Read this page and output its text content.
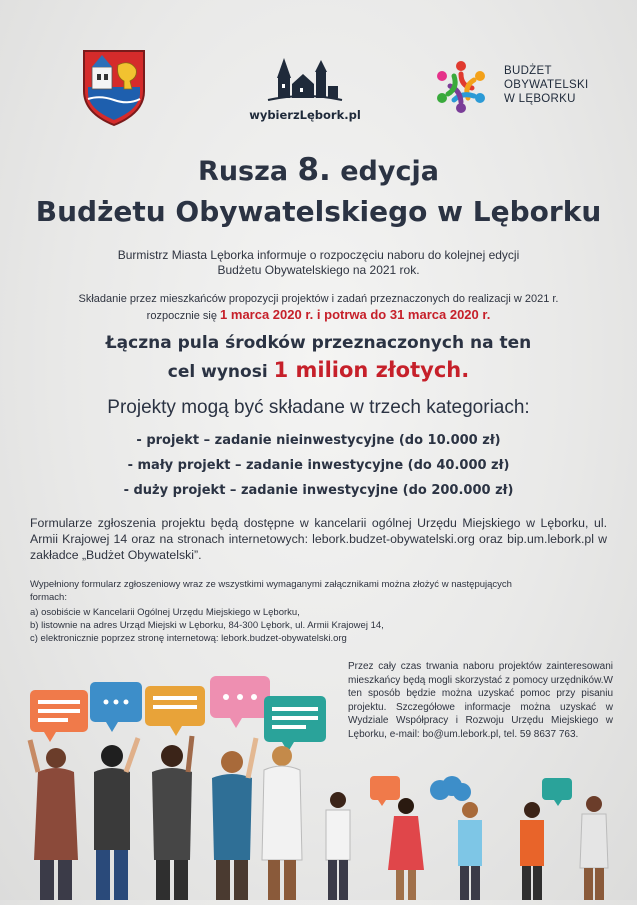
wybierzLębork.pl
BUDŻET
OBYWATELSKI
W LĘBORKU
Rusza 8. edycja
Budżetu Obywatelskiego w Lęborku
Burmistrz Miasta Lęborka informuje o rozpoczęciu naboru do kolejnej edycji
Budżetu Obywatelskiego na 2021 rok.
Składanie przez mieszkańców propozycji projektów i zadań przeznaczonych do realizacji w 2021 r.
rozpocznie się 1 marca 2020 r. i potrwa do 31 marca 2020 r.
Łączna pula środków przeznaczonych na ten
cel wynosi 1 milion złotych.
Projekty mogą być składane w trzech kategoriach:
- projekt – zadanie nieinwestycyjne (do 10.000 zł)
- mały projekt – zadanie inwestycyjne (do 40.000 zł)
- duży projekt – zadanie inwestycyjne (do 200.000 zł)
Formularze zgłoszenia projektu będą dostępne w kancelarii ogólnej Urzędu Miejskiego w Lęborku, ul. Armii Krajowej 14 oraz na stronach internetowych: lebork.budzet-obywatelski.org oraz bip.um.lebork.pl w zakładce „Budżet Obywatelski”.
Wypełniony formularz zgłoszeniowy wraz ze wszystkimi wymaganymi załącznikami można złożyć w następujących
formach:
a) osobiście w Kancelarii Ogólnej Urzędu Miejskiego w Lęborku,
b) listownie na adres Urząd Miejski w Lęborku, 84-300 Lębork, ul. Armii Krajowej 14,
c) elektronicznie poprzez stronę internetową: lebork.budzet-obywatelski.org
Przez cały czas trwania naboru projektów zainteresowani mieszkańcy będą mogli skorzystać z pomocy urzędników.W ten sposób będzie można uzyskać pomoc przy pisaniu projektu. Szczegółowe informacje można uzyskać w Wydziale Współpracy i Rozwoju Urzędu Miejskiego w Lęborku, e-mail: bo@um.lebork.pl, tel. 59 8637 763.
